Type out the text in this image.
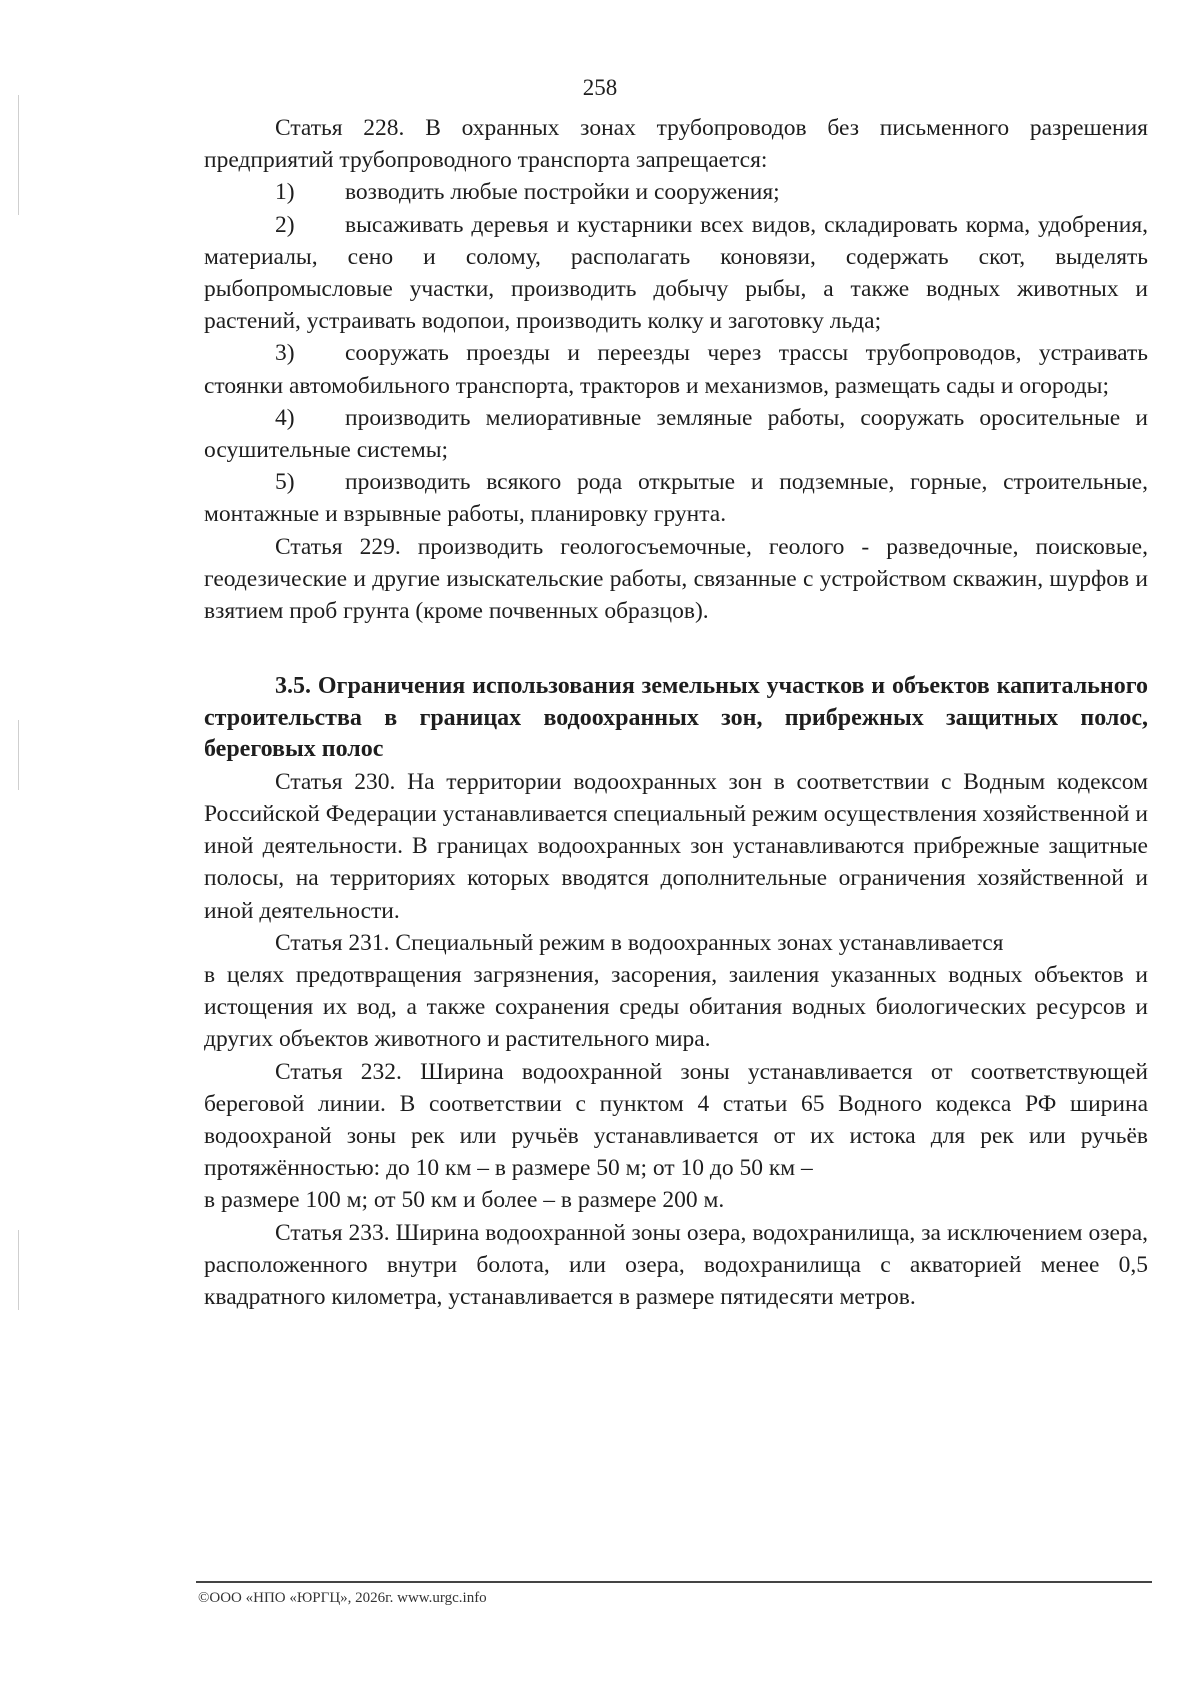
258

Статья 228. В охранных зонах трубопроводов без письменного разрешения предприятий трубопроводного транспорта запрещается:

1) возводить любые постройки и сооружения;

2) высаживать деревья и кустарники всех видов, складировать корма, удобрения, материалы, сено и солому, располагать коновязи, содержать скот, выделять рыбопромысловые участки, производить добычу рыбы, а также водных животных и растений, устраивать водопои, производить колку и заготовку льда;

3) сооружать проезды и переезды через трассы трубопроводов, устраивать стоянки автомобильного транспорта, тракторов и механизмов, размещать сады и огороды;

4) производить мелиоративные земляные работы, сооружать оросительные и осушительные системы;

5) производить всякого рода открытые и подземные, горные, строительные, монтажные и взрывные работы, планировку грунта.

Статья 229. производить геологосъемочные, геолого - разведочные, поисковые, геодезические и другие изыскательские работы, связанные с устройством скважин, шурфов и взятием проб грунта (кроме почвенных образцов).

3.5. Ограничения использования земельных участков и объектов капитального строительства в границах водоохранных зон, прибрежных защитных полос, береговых полос

Статья 230. На территории водоохранных зон в соответствии с Водным кодексом Российской Федерации устанавливается специальный режим осуществления хозяйственной и иной деятельности. В границах водоохранных зон устанавливаются прибрежные защитные полосы, на территориях которых вводятся дополнительные ограничения хозяйственной и иной деятельности.

Статья 231. Специальный режим в водоохранных зонах устанавливается

в целях предотвращения загрязнения, засорения, заиления указанных водных объектов и истощения их вод, а также сохранения среды обитания водных биологических ресурсов и других объектов животного и растительного мира.

Статья 232. Ширина водоохранной зоны устанавливается от соответствующей береговой линии. В соответствии с пунктом 4 статьи 65 Водного кодекса РФ ширина водоохраной зоны рек или ручьёв устанавливается от их истока для рек или ручьёв протяжённостью: до 10 км – в размере 50 м; от 10 до 50 км –

в размере 100 м; от 50 км и более – в размере 200 м.

Статья 233. Ширина водоохранной зоны озера, водохранилища, за исключением озера, расположенного внутри болота, или озера, водохранилища с акваторией менее 0,5 квадратного километра, устанавливается в размере пятидесяти метров.

©ООО «НПО «ЮРГЦ», 2026г. www.urgc.info
